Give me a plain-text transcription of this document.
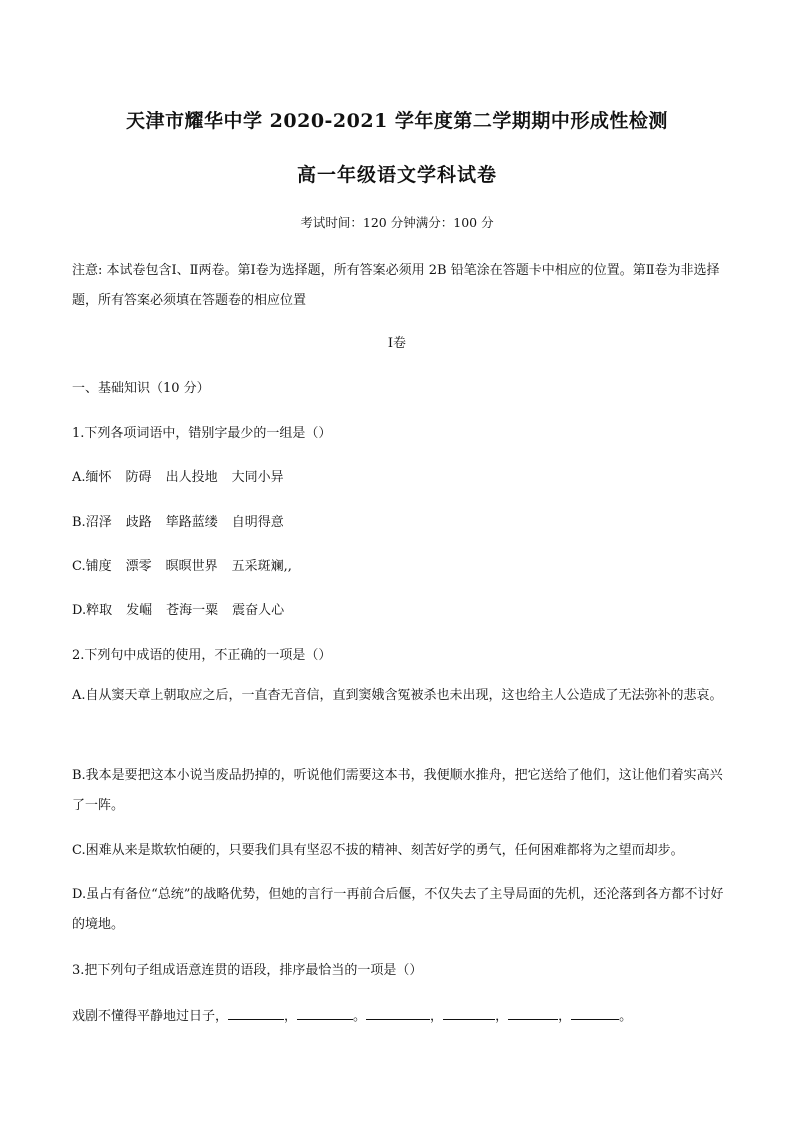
天津市耀华中学 2020-2021 学年度第二学期期中形成性检测
高一年级语文学科试卷
考试时间：120 分钟满分：100 分
注意: 本试卷包含Ⅰ、Ⅱ两卷。第Ⅰ卷为选择题，所有答案必须用 2B 铅笔涂在答题卡中相应的位置。第Ⅱ卷为非选择题，所有答案必须填在答题卷的相应位置
Ⅰ卷
一、基础知识（10 分）
1.下列各项词语中，错别字最少的一组是（）
A.缅怀 防碍 出人投地 大同小异
B.沼泽 歧路 筚路蓝缕 自明得意
C.铺度 漂零 暝暝世界 五采斑斓,,
D.粹取 发崛 苍海一粟 震奋人心
2.下列句中成语的使用，不正确的一项是（）
A.自从窦天章上朝取应之后，一直杳无音信，直到窦娥含冤被杀也未出现，这也给主人公造成了无法弥补的悲哀。
B.我本是要把这本小说当废品扔掉的，听说他们需要这本书，我便顺水推舟，把它送给了他们，这让他们着实高兴了一阵。
C.困难从来是欺软怕硬的，只要我们具有坚忍不拔的精神、刻苦好学的勇气，任何困难都将为之望而却步。
D.虽占有备位“总统”的战略优势，但她的言行一再前合后偃，不仅失去了主导局面的先机，还沦落到各方都不讨好的境地。
3.把下列句子组成语意连贯的语段，排序最恰当的一项是（）
戏剧不懂得平静地过日子，	，	。	，	，	，	。
